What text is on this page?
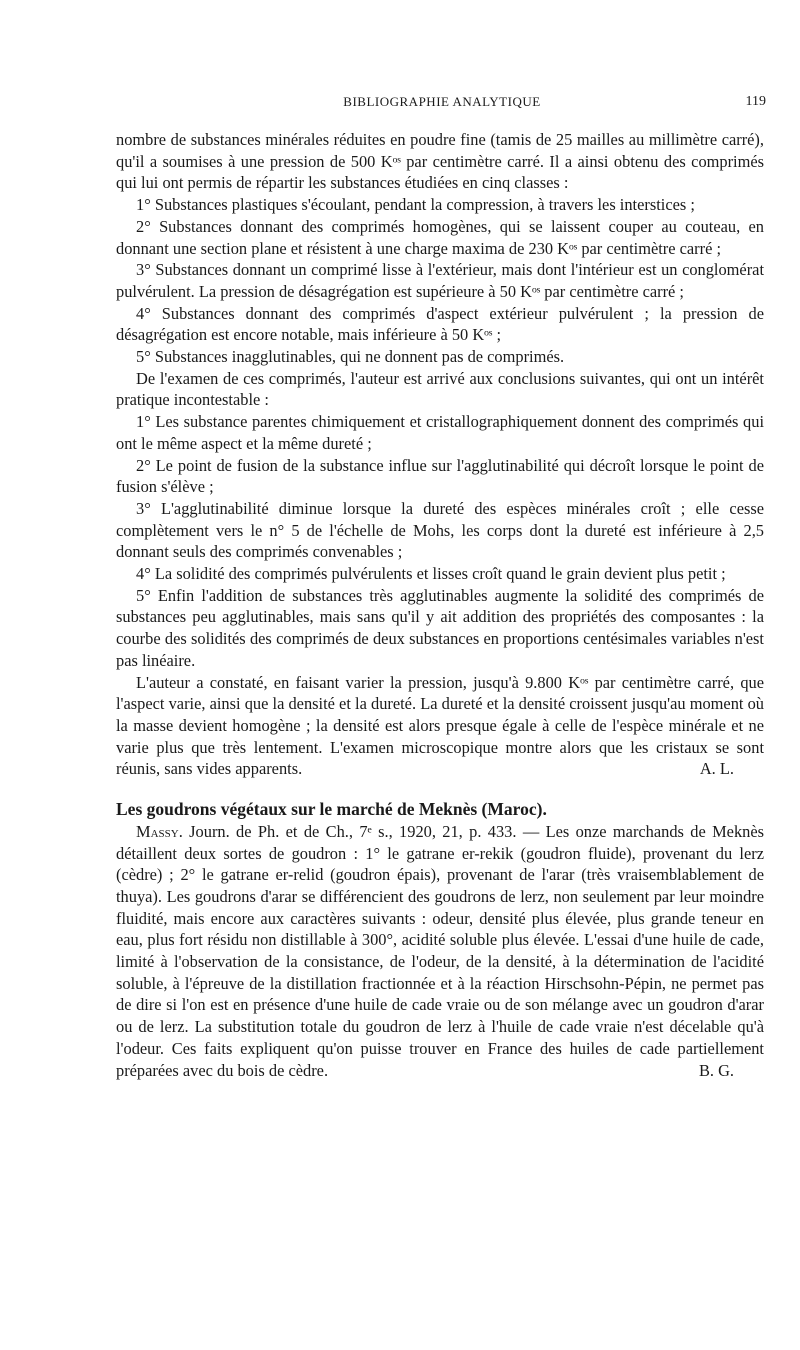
BIBLIOGRAPHIE ANALYTIQUE	119

nombre de substances minérales réduites en poudre fine (tamis de 25 mailles au millimètre carré), qu'il a soumises à une pression de 500 Kᵒˢ par centimètre carré. Il a ainsi obtenu des comprimés qui lui ont permis de répartir les substances étudiées en cinq classes :

1° Substances plastiques s'écoulant, pendant la compression, à travers les interstices ;

2° Substances donnant des comprimés homogènes, qui se laissent couper au couteau, en donnant une section plane et résistent à une charge maxima de 230 Kᵒˢ par centimètre carré ;

3° Substances donnant un comprimé lisse à l'extérieur, mais dont l'intérieur est un conglomérat pulvérulent. La pression de désagrégation est supérieure à 50 Kᵒˢ par centimètre carré ;

4° Substances donnant des comprimés d'aspect extérieur pulvérulent ; la pression de désagrégation est encore notable, mais inférieure à 50 Kᵒˢ ;

5° Substances inagglutinables, qui ne donnent pas de comprimés.

De l'examen de ces comprimés, l'auteur est arrivé aux conclusions suivantes, qui ont un intérêt pratique incontestable :

1° Les substance parentes chimiquement et cristallographiquement donnent des comprimés qui ont le même aspect et la même dureté ;

2° Le point de fusion de la substance influe sur l'agglutinabilité qui décroît lorsque le point de fusion s'élève ;

3° L'agglutinabilité diminue lorsque la dureté des espèces minérales croît ; elle cesse complètement vers le n° 5 de l'échelle de Mohs, les corps dont la dureté est inférieure à 2,5 donnant seuls des comprimés convenables ;

4° La solidité des comprimés pulvérulents et lisses croît quand le grain devient plus petit ;

5° Enfin l'addition de substances très agglutinables augmente la solidité des comprimés de substances peu agglutinables, mais sans qu'il y ait addition des propriétés des composantes : la courbe des solidités des comprimés de deux substances en proportions centésimales variables n'est pas linéaire.

L'auteur a constaté, en faisant varier la pression, jusqu'à 9.800 Kᵒˢ par centimètre carré, que l'aspect varie, ainsi que la densité et la dureté. La dureté et la densité croissent jusqu'au moment où la masse devient homogène ; la densité est alors presque égale à celle de l'espèce minérale et ne varie plus que très lentement. L'examen microscopique montre alors que les cristaux se sont réunis, sans vides apparents.	A. L.

Les goudrons végétaux sur le marché de Meknès (Maroc).

Massy. Journ. de Ph. et de Ch., 7ᵉ s., 1920, 21, p. 433. — Les onze marchands de Meknès détaillent deux sortes de goudron : 1° le gatrane er-rekik (goudron fluide), provenant du lerz (cèdre) ; 2° le gatrane er-relid (goudron épais), provenant de l'arar (très vraisemblablement de thuya). Les goudrons d'arar se différencient des goudrons de lerz, non seulement par leur moindre fluidité, mais encore aux caractères suivants : odeur, densité plus élevée, plus grande teneur en eau, plus fort résidu non distillable à 300°, acidité soluble plus élevée. L'essai d'une huile de cade, limité à l'observation de la consistance, de l'odeur, de la densité, à la détermination de l'acidité soluble, à l'épreuve de la distillation fractionnée et à la réaction Hirschsohn-Pépin, ne permet pas de dire si l'on est en présence d'une huile de cade vraie ou de son mélange avec un goudron d'arar ou de lerz. La substitution totale du goudron de lerz à l'huile de cade vraie n'est décelable qu'à l'odeur. Ces faits expliquent qu'on puisse trouver en France des huiles de cade partiellement préparées avec du bois de cèdre.	B. G.
